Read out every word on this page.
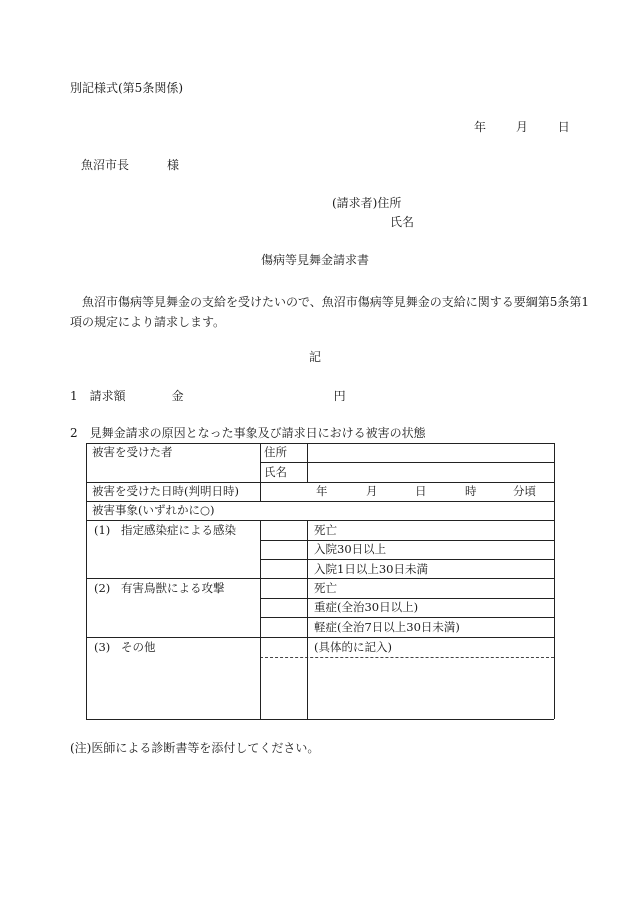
別記様式(第5条関係)
年 月 日
魚沼市長	様
(請求者)住所
氏名
傷病等見舞金請求書
魚沼市傷病等見舞金の支給を受けたいので、魚沼市傷病等見舞金の支給に関する要綱第5条第1項の規定により請求します。
記
1 請求額	金	円
2 見舞金請求の原因となった事象及び請求日における被害の状態
被害を受けた者	住所
氏名
被害を受けた日時(判明日時)	年	月	日	時	分頃
被害事象(いずれかに○)
(1) 指定感染症による感染	死亡
入院30日以上
入院1日以上30日未満
(2) 有害鳥獣による攻撃	死亡
重症(全治30日以上)
軽症(全治7日以上30日未満)
(3) その他	(具体的に記入)
(注)医師による診断書等を添付してください。
